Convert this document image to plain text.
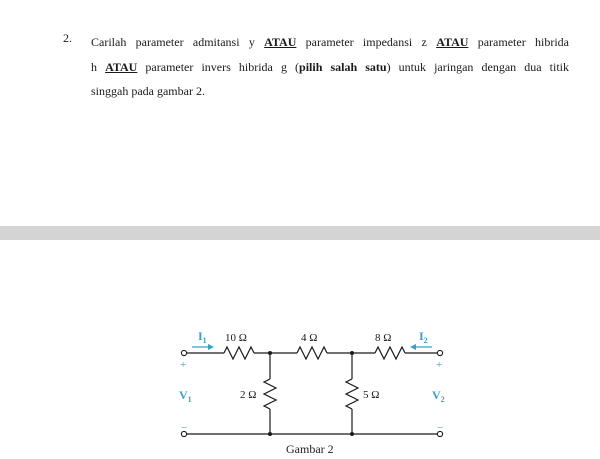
2. Carilah parameter admitansi y ATAU parameter impedansi z ATAU parameter hibrida
h ATAU parameter invers hibrida g (pilih salah satu) untuk jaringan dengan dua titik
singgah pada gambar 2.
$I_1$	$I_2$
10 Ω	4 Ω	8 Ω
2 Ω	5 Ω
+	+
−	−
$V_1$	$V_2$
Gambar 2
